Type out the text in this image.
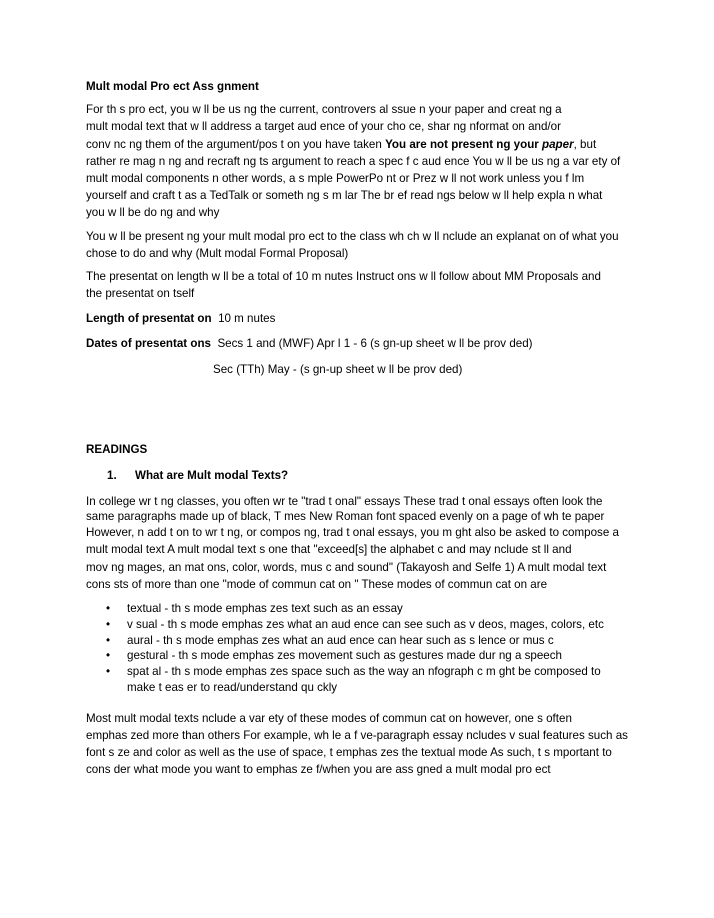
Mult modal Pro ect Ass gnment
For th s pro ect, you w ll be us ng the current, controvers al ssue n your paper and creat ng a
mult modal text that w ll address a target aud ence of your cho ce, shar ng nformat on and/or
conv nc ng them of the argument/pos t on you have taken You are not present ng your paper, but
rather re mag n ng and recraft ng ts argument to reach a spec f c aud ence You w ll be us ng a var ety of
mult modal components n other words, a s mple PowerPo nt or Prez w ll not work unless you f lm
yourself and craft t as a TedTalk or someth ng s m lar The br ef read ngs below w ll help expla n what
you w ll be do ng and why
You w ll be present ng your mult modal pro ect to the class wh ch w ll nclude an explanat on of what you
chose to do and why (Mult modal Formal Proposal)
The presentat on length w ll be a total of 10 m nutes Instruct ons w ll follow about MM Proposals and
the presentat on tself
Length of presentat on 10 m nutes
Dates of presentat ons Secs 1 and (MWF) Apr l 1 - 6 (s gn-up sheet w ll be prov ded)
Sec (TTh) May - (s gn-up sheet w ll be prov ded)
READINGS
1. What are Mult modal Texts?
In college wr t ng classes, you often wr te "trad t onal" essays These trad t onal essays often look the
same paragraphs made up of black, T mes New Roman font spaced evenly on a page of wh te paper
However, n add t on to wr t ng, or compos ng, trad t onal essays, you m ght also be asked to compose a
mult modal text A mult modal text s one that "exceed[s] the alphabet c and may nclude st ll and
mov ng mages, an mat ons, color, words, mus c and sound" (Takayosh and Selfe 1) A mult modal text
cons sts of more than one "mode of commun cat on " These modes of commun cat on are
• textual - th s mode emphas zes text such as an essay
• v sual - th s mode emphas zes what an aud ence can see such as v deos, mages, colors, etc
• aural - th s mode emphas zes what an aud ence can hear such as s lence or mus c
• gestural - th s mode emphas zes movement such as gestures made dur ng a speech
• spat al - th s mode emphas zes space such as the way an nfograph c m ght be composed to
make t eas er to read/understand qu ckly
Most mult modal texts nclude a var ety of these modes of commun cat on however, one s often
emphas zed more than others For example, wh le a f ve-paragraph essay ncludes v sual features such as
font s ze and color as well as the use of space, t emphas zes the textual mode As such, t s mportant to
cons der what mode you want to emphas ze f/when you are ass gned a mult modal pro ect
